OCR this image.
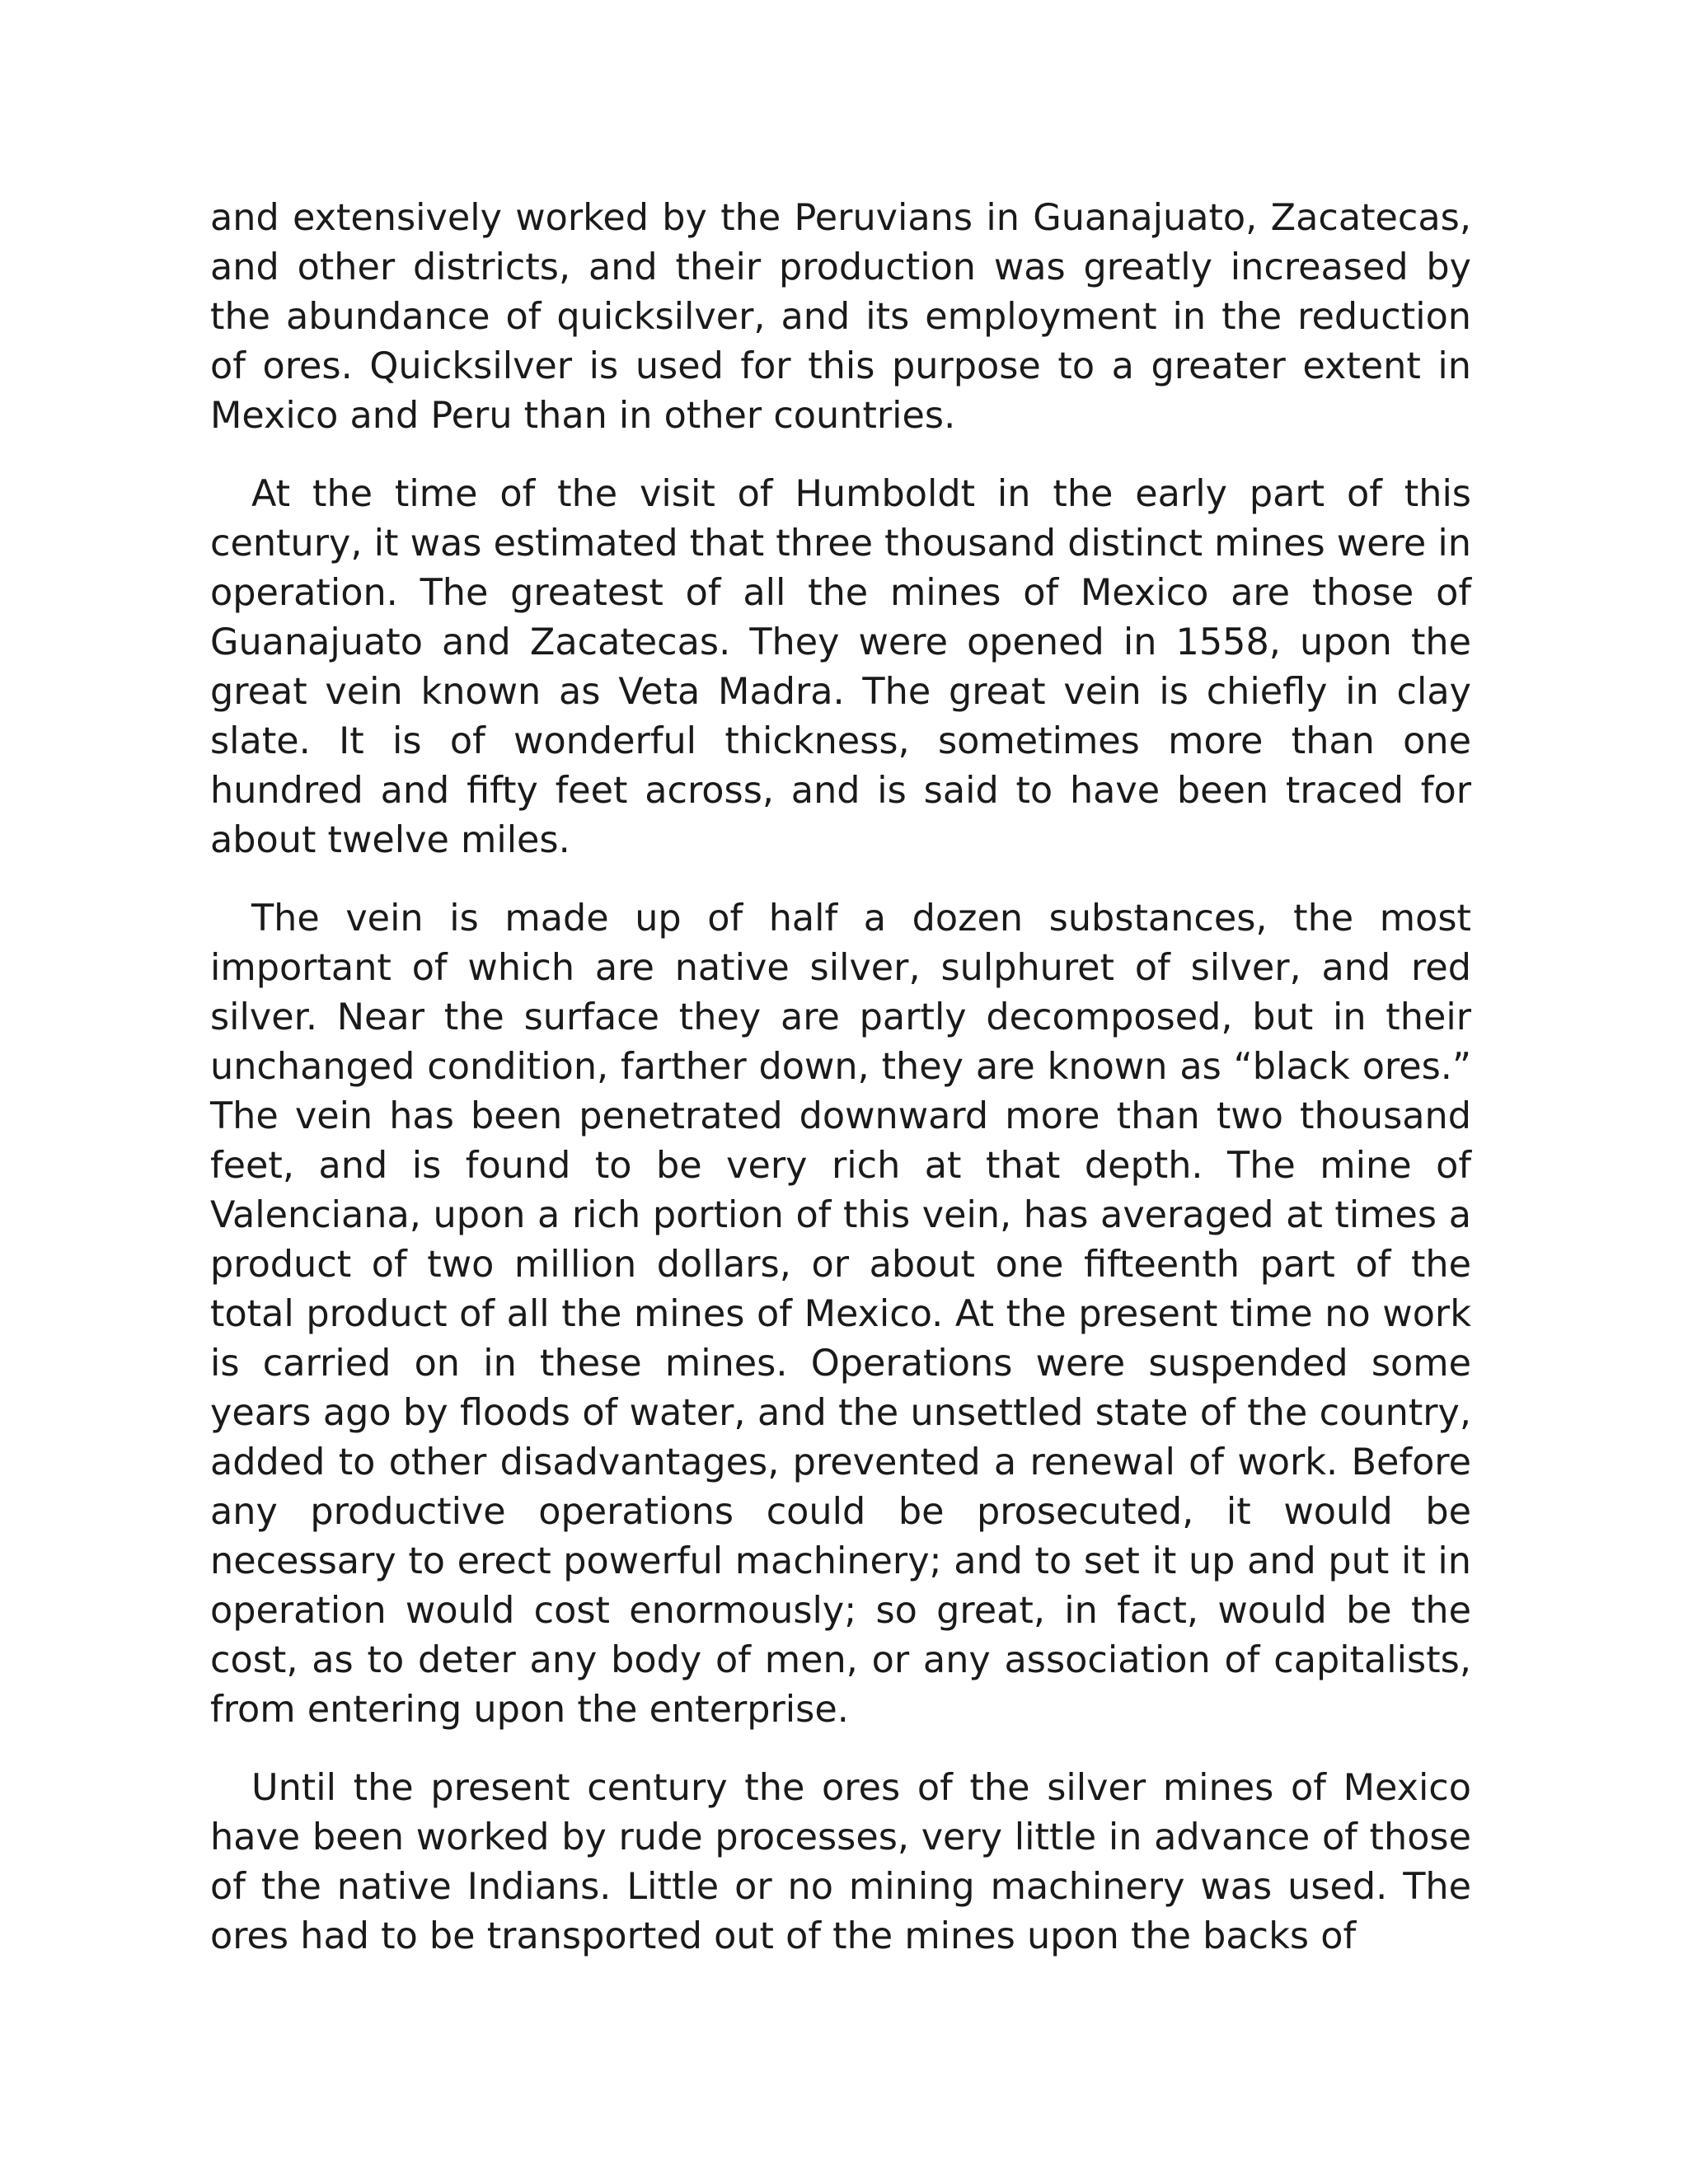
and extensively worked by the Peruvians in Guanajuato, Zacatecas, and other districts, and their production was greatly increased by the abundance of quicksilver, and its employment in the reduction of ores. Quicksilver is used for this purpose to a greater extent in Mexico and Peru than in other countries.

At the time of the visit of Humboldt in the early part of this century, it was estimated that three thousand distinct mines were in operation. The greatest of all the mines of Mexico are those of Guanajuato and Zacatecas. They were opened in 1558, upon the great vein known as Veta Madra. The great vein is chiefly in clay slate. It is of wonderful thickness, sometimes more than one hundred and fifty feet across, and is said to have been traced for about twelve miles.

The vein is made up of half a dozen substances, the most important of which are native silver, sulphuret of silver, and red silver. Near the surface they are partly decomposed, but in their unchanged condition, farther down, they are known as “black ores.” The vein has been penetrated downward more than two thousand feet, and is found to be very rich at that depth. The mine of Valenciana, upon a rich portion of this vein, has averaged at times a product of two million dollars, or about one fifteenth part of the total product of all the mines of Mexico. At the present time no work is carried on in these mines. Operations were suspended some years ago by floods of water, and the unsettled state of the country, added to other disadvantages, prevented a renewal of work. Before any productive operations could be prosecuted, it would be necessary to erect powerful machinery; and to set it up and put it in operation would cost enormously; so great, in fact, would be the cost, as to deter any body of men, or any association of capitalists, from entering upon the enterprise.

Until the present century the ores of the silver mines of Mexico have been worked by rude processes, very little in advance of those of the native Indians. Little or no mining machinery was used. The ores had to be transported out of the mines upon the backs of
